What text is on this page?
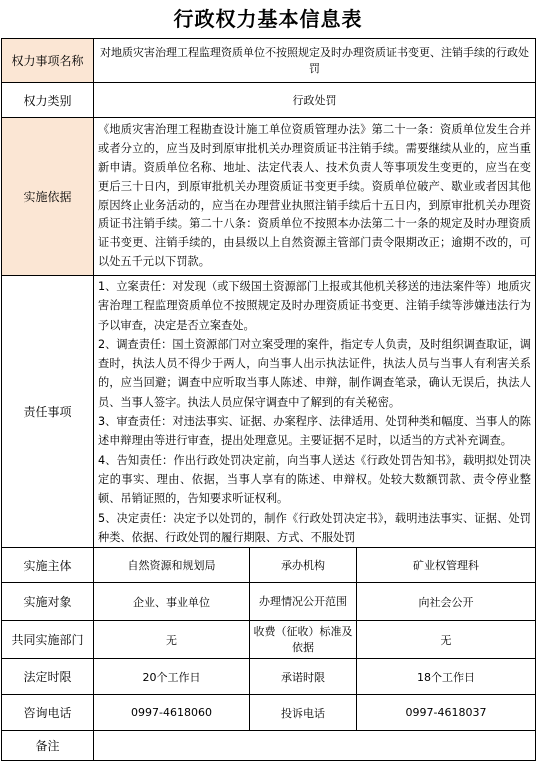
行政权力基本信息表
权力事项名称	对地质灾害治理工程监理资质单位不按照规定及时办理资质证书变更、注销手续的行政处罚		
权力类别	行政处罚		
实施依据	《地质灾害治理工程勘查设计施工单位资质管理办法》第二十一条：资质单位发生合并或者分立的，应当及时到原审批机关办理资质证书注销手续。需要继续从业的，应当重新申请。资质单位名称、地址、法定代表人、技术负责人等事项发生变更的，应当在变更后三十日内，到原审批机关办理资质证书变更手续。资质单位破产、歇业或者因其他原因终止业务活动的，应当在办理营业执照注销手续后十五日内，到原审批机关办理资质证书注销手续。第二十八条：资质单位不按照本办法第二十一条的规定及时办理资质证书变更、注销手续的，由县级以上自然资源主管部门责令限期改正；逾期不改的，可以处五千元以下罚款。		
责任事项	1、立案责任：对发现（或下级国土资源部门上报或其他机关移送的违法案件等）地质灾害治理工程监理资质单位不按照规定及时办理资质证书变更、注销手续等涉嫌违法行为予以审查，决定是否立案查处。
2、调查责任：国土资源部门对立案受理的案件，指定专人负责，及时组织调查取证，调查时，执法人员不得少于两人，向当事人出示执法证件，执法人员与当事人有利害关系的，应当回避；调查中应听取当事人陈述、申辩，制作调查笔录，确认无误后，执法人员、当事人签字。执法人员应保守调查中了解到的有关秘密。
3、审查责任：对违法事实、证据、办案程序、法律适用、处罚种类和幅度、当事人的陈述申辩理由等进行审查，提出处理意见。主要证据不足时，以适当的方式补充调查。
4、告知责任：作出行政处罚决定前，向当事人送达《行政处罚告知书》，载明拟处罚决定的事实、理由、依据，当事人享有的陈述、申辩权。处较大数额罚款、责令停业整顿、吊销证照的，告知要求听证权利。
5、决定责任：决定予以处罚的，制作《行政处罚决定书》，载明违法事实、证据、处罚种类、依据、行政处罚的履行期限、方式、不服处罚		

实施主体	自然资源和规划局	承办机构	矿业权管理科
实施对象	企业、事业单位	办理情况公开范围	向社会公开
共同实施部门	无	收费（征收）标准及依据	无
法定时限	20个工作日	承诺时限	18个工作日
咨询电话	0997-4618060	投诉电话	0997-4618037
备注			
